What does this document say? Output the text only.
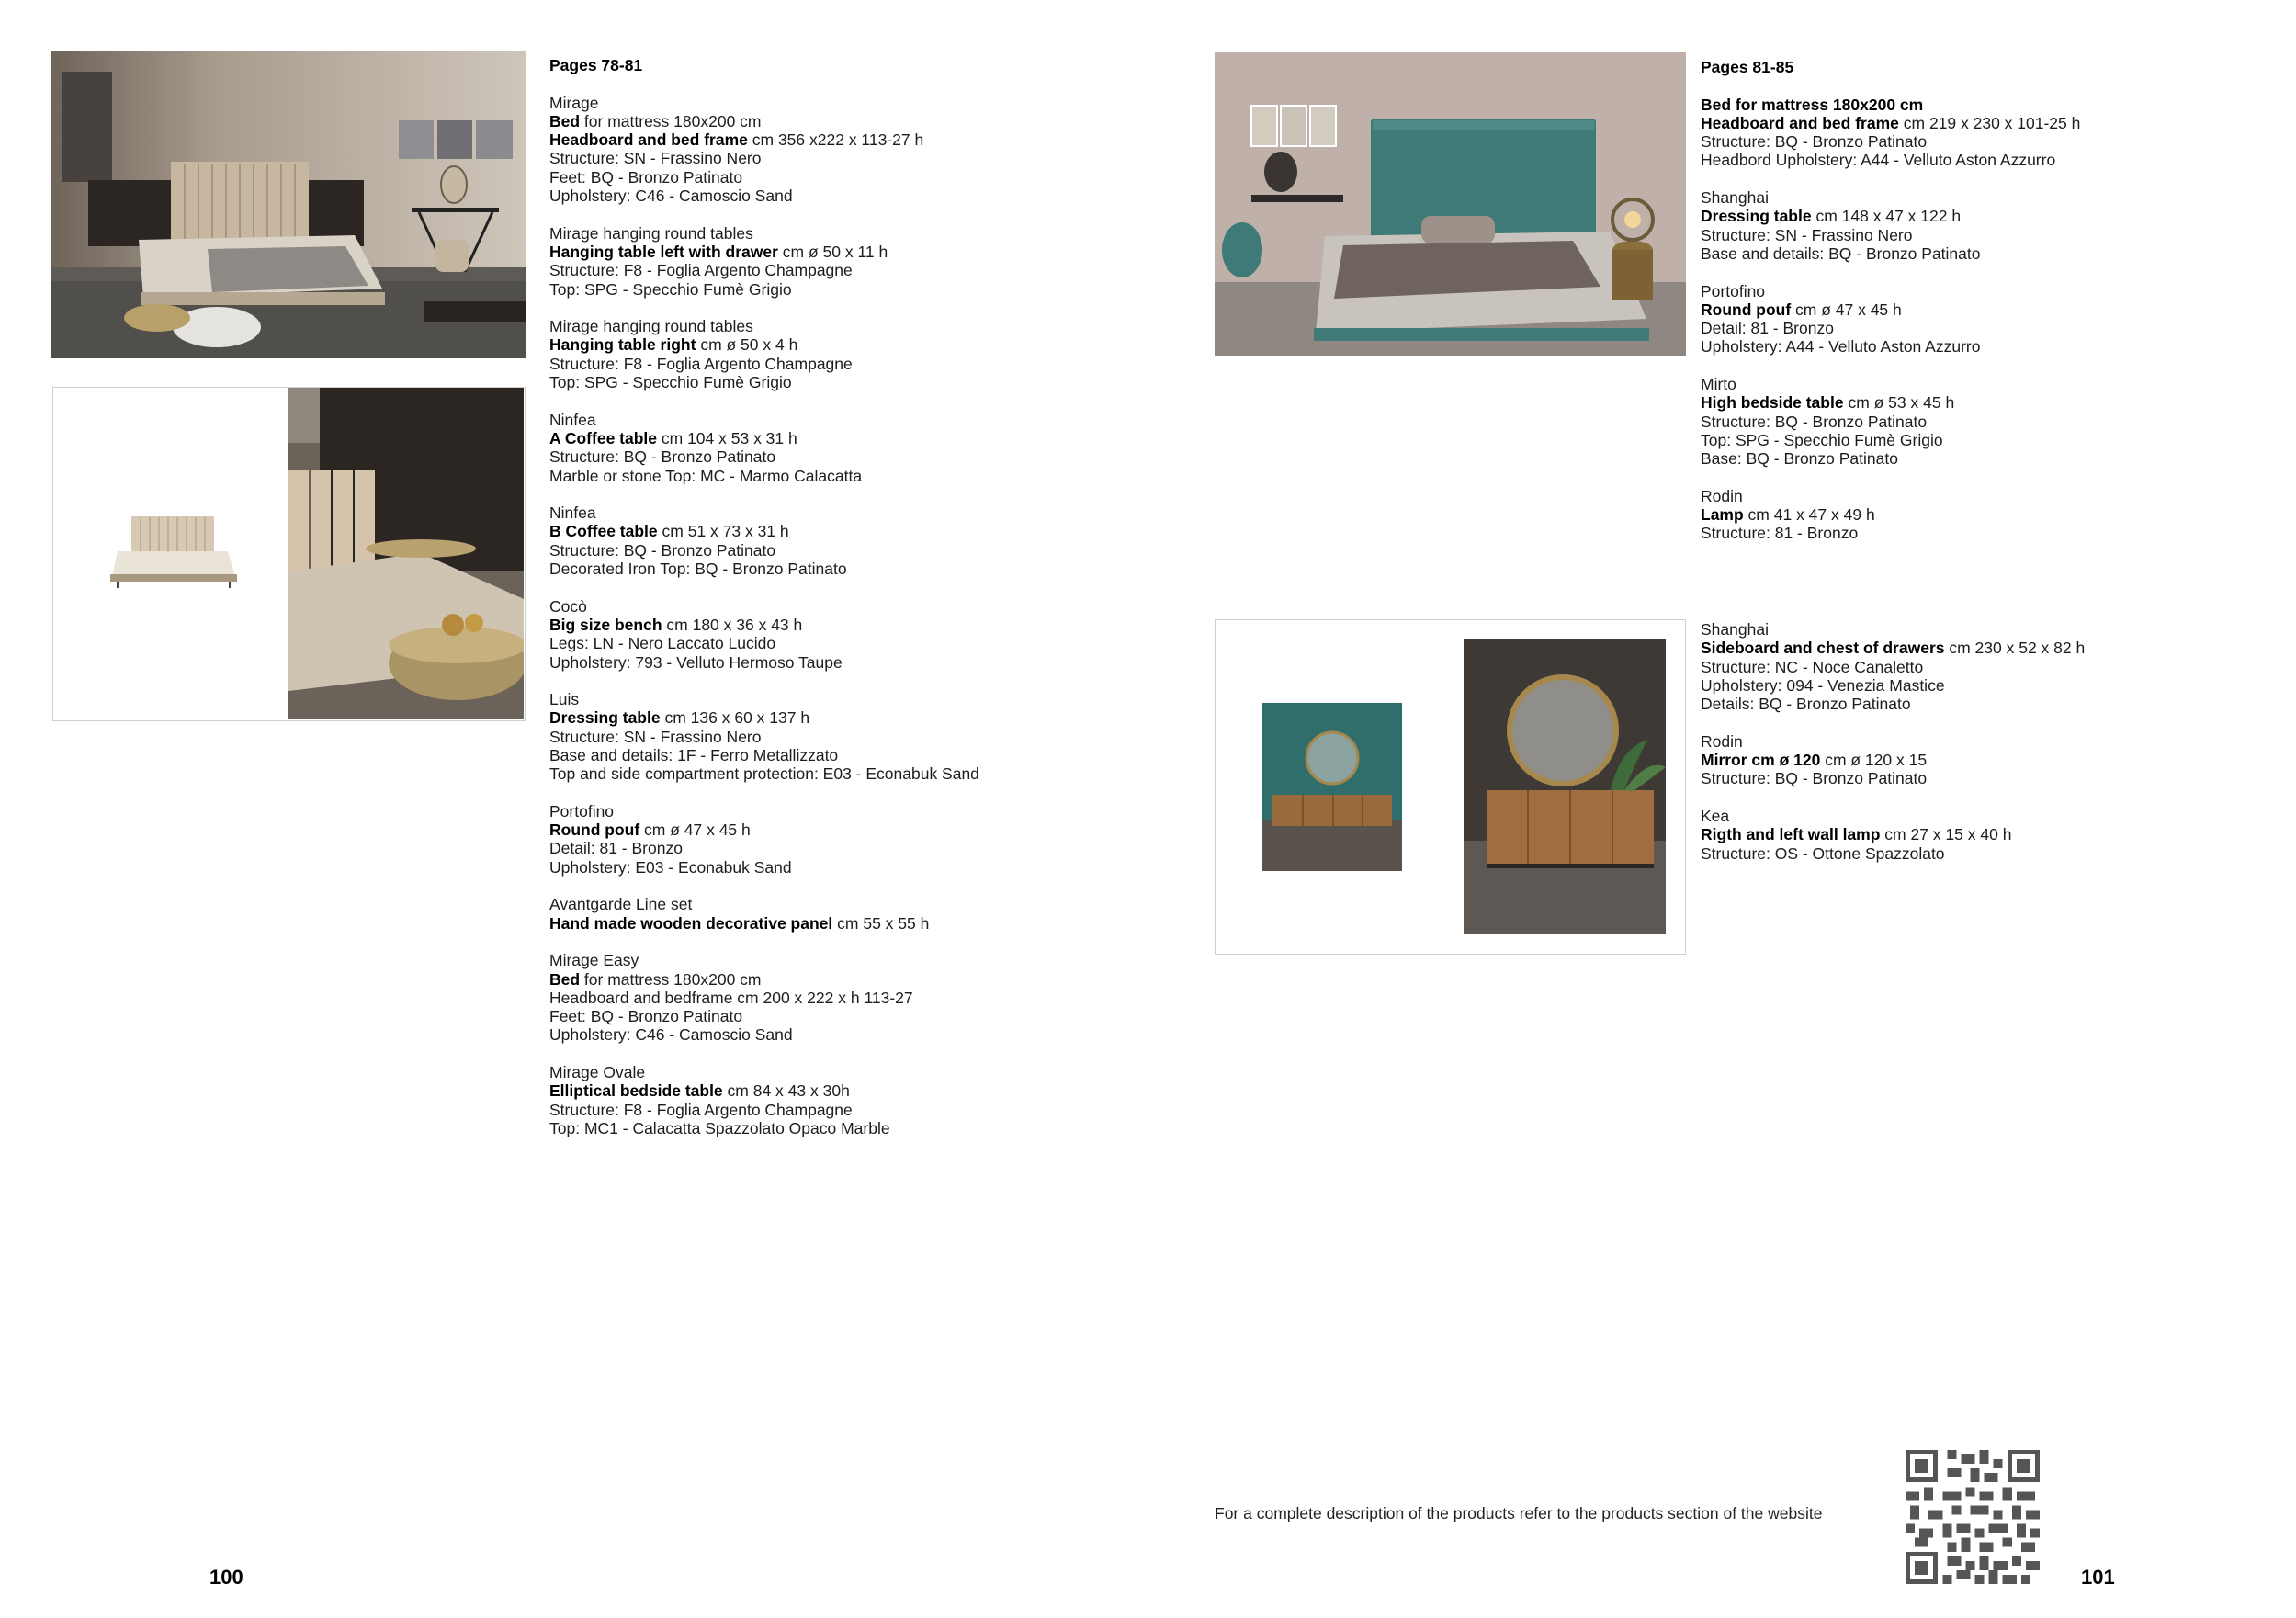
Pages 78-81
Mirage
Bed for mattress 180x200 cm
Headboard and bed frame cm 356 x222 x 113-27 h
Structure: SN - Frassino Nero
Feet: BQ - Bronzo Patinato
Upholstery: C46 - Camoscio Sand
Mirage hanging round tables
Hanging table left with drawer cm ø 50 x 11 h
Structure: F8 - Foglia Argento Champagne
Top: SPG - Specchio Fumè Grigio
Mirage hanging round tables
Hanging table right cm ø 50 x 4 h
Structure: F8 - Foglia Argento Champagne
Top: SPG - Specchio Fumè Grigio
Ninfea
A Coffee table cm 104 x 53 x 31 h
Structure: BQ - Bronzo Patinato
Marble or stone Top: MC - Marmo Calacatta
Ninfea
B Coffee table cm 51 x 73 x 31 h
Structure: BQ - Bronzo Patinato
Decorated Iron Top: BQ - Bronzo Patinato
Cocò
Big size bench cm 180 x 36 x 43 h
Legs: LN - Nero Laccato Lucido
Upholstery: 793 - Velluto Hermoso Taupe
Luis
Dressing table cm 136 x 60 x 137 h
Structure: SN - Frassino Nero
Base and details: 1F - Ferro Metallizzato
Top and side compartment protection: E03 - Econabuk Sand
Portofino
Round pouf cm ø 47 x 45 h
Detail: 81 - Bronzo
Upholstery: E03 - Econabuk Sand
Avantgarde Line set
Hand made wooden decorative panel cm 55 x 55 h
Mirage Easy
Bed for mattress 180x200 cm
Headboard and bedframe cm 200 x 222 x h 113-27
Feet: BQ - Bronzo Patinato
Upholstery: C46 - Camoscio Sand
Mirage Ovale
Elliptical bedside table cm 84 x 43 x 30h
Structure: F8 - Foglia Argento Champagne
Top: MC1 - Calacatta Spazzolato Opaco Marble
100
Pages 81-85
Bed for mattress 180x200 cm
Headboard and bed frame cm 219 x 230 x 101-25 h
Structure: BQ - Bronzo Patinato
Headbord Upholstery: A44 - Velluto Aston Azzurro
Shanghai
Dressing table cm 148 x 47 x 122 h
Structure: SN - Frassino Nero
Base and details: BQ - Bronzo Patinato
Portofino
Round pouf cm ø 47 x 45 h
Detail: 81 - Bronzo
Upholstery: A44 - Velluto Aston Azzurro
Mirto
High bedside table cm ø 53 x 45 h
Structure: BQ - Bronzo Patinato
Top: SPG - Specchio Fumè Grigio
Base: BQ - Bronzo Patinato
Rodin
Lamp cm 41 x 47 x 49 h
Structure: 81 - Bronzo
Shanghai
Sideboard and chest of drawers cm 230 x 52 x 82 h
Structure: NC - Noce Canaletto
Upholstery: 094 - Venezia Mastice
Details: BQ - Bronzo Patinato
Rodin
Mirror cm ø 120 cm ø 120 x 15
Structure: BQ - Bronzo Patinato
Kea
Rigth and left wall lamp cm 27 x 15 x 40 h
Structure: OS - Ottone Spazzolato
For a complete description of the products refer to the products section of the website
101
